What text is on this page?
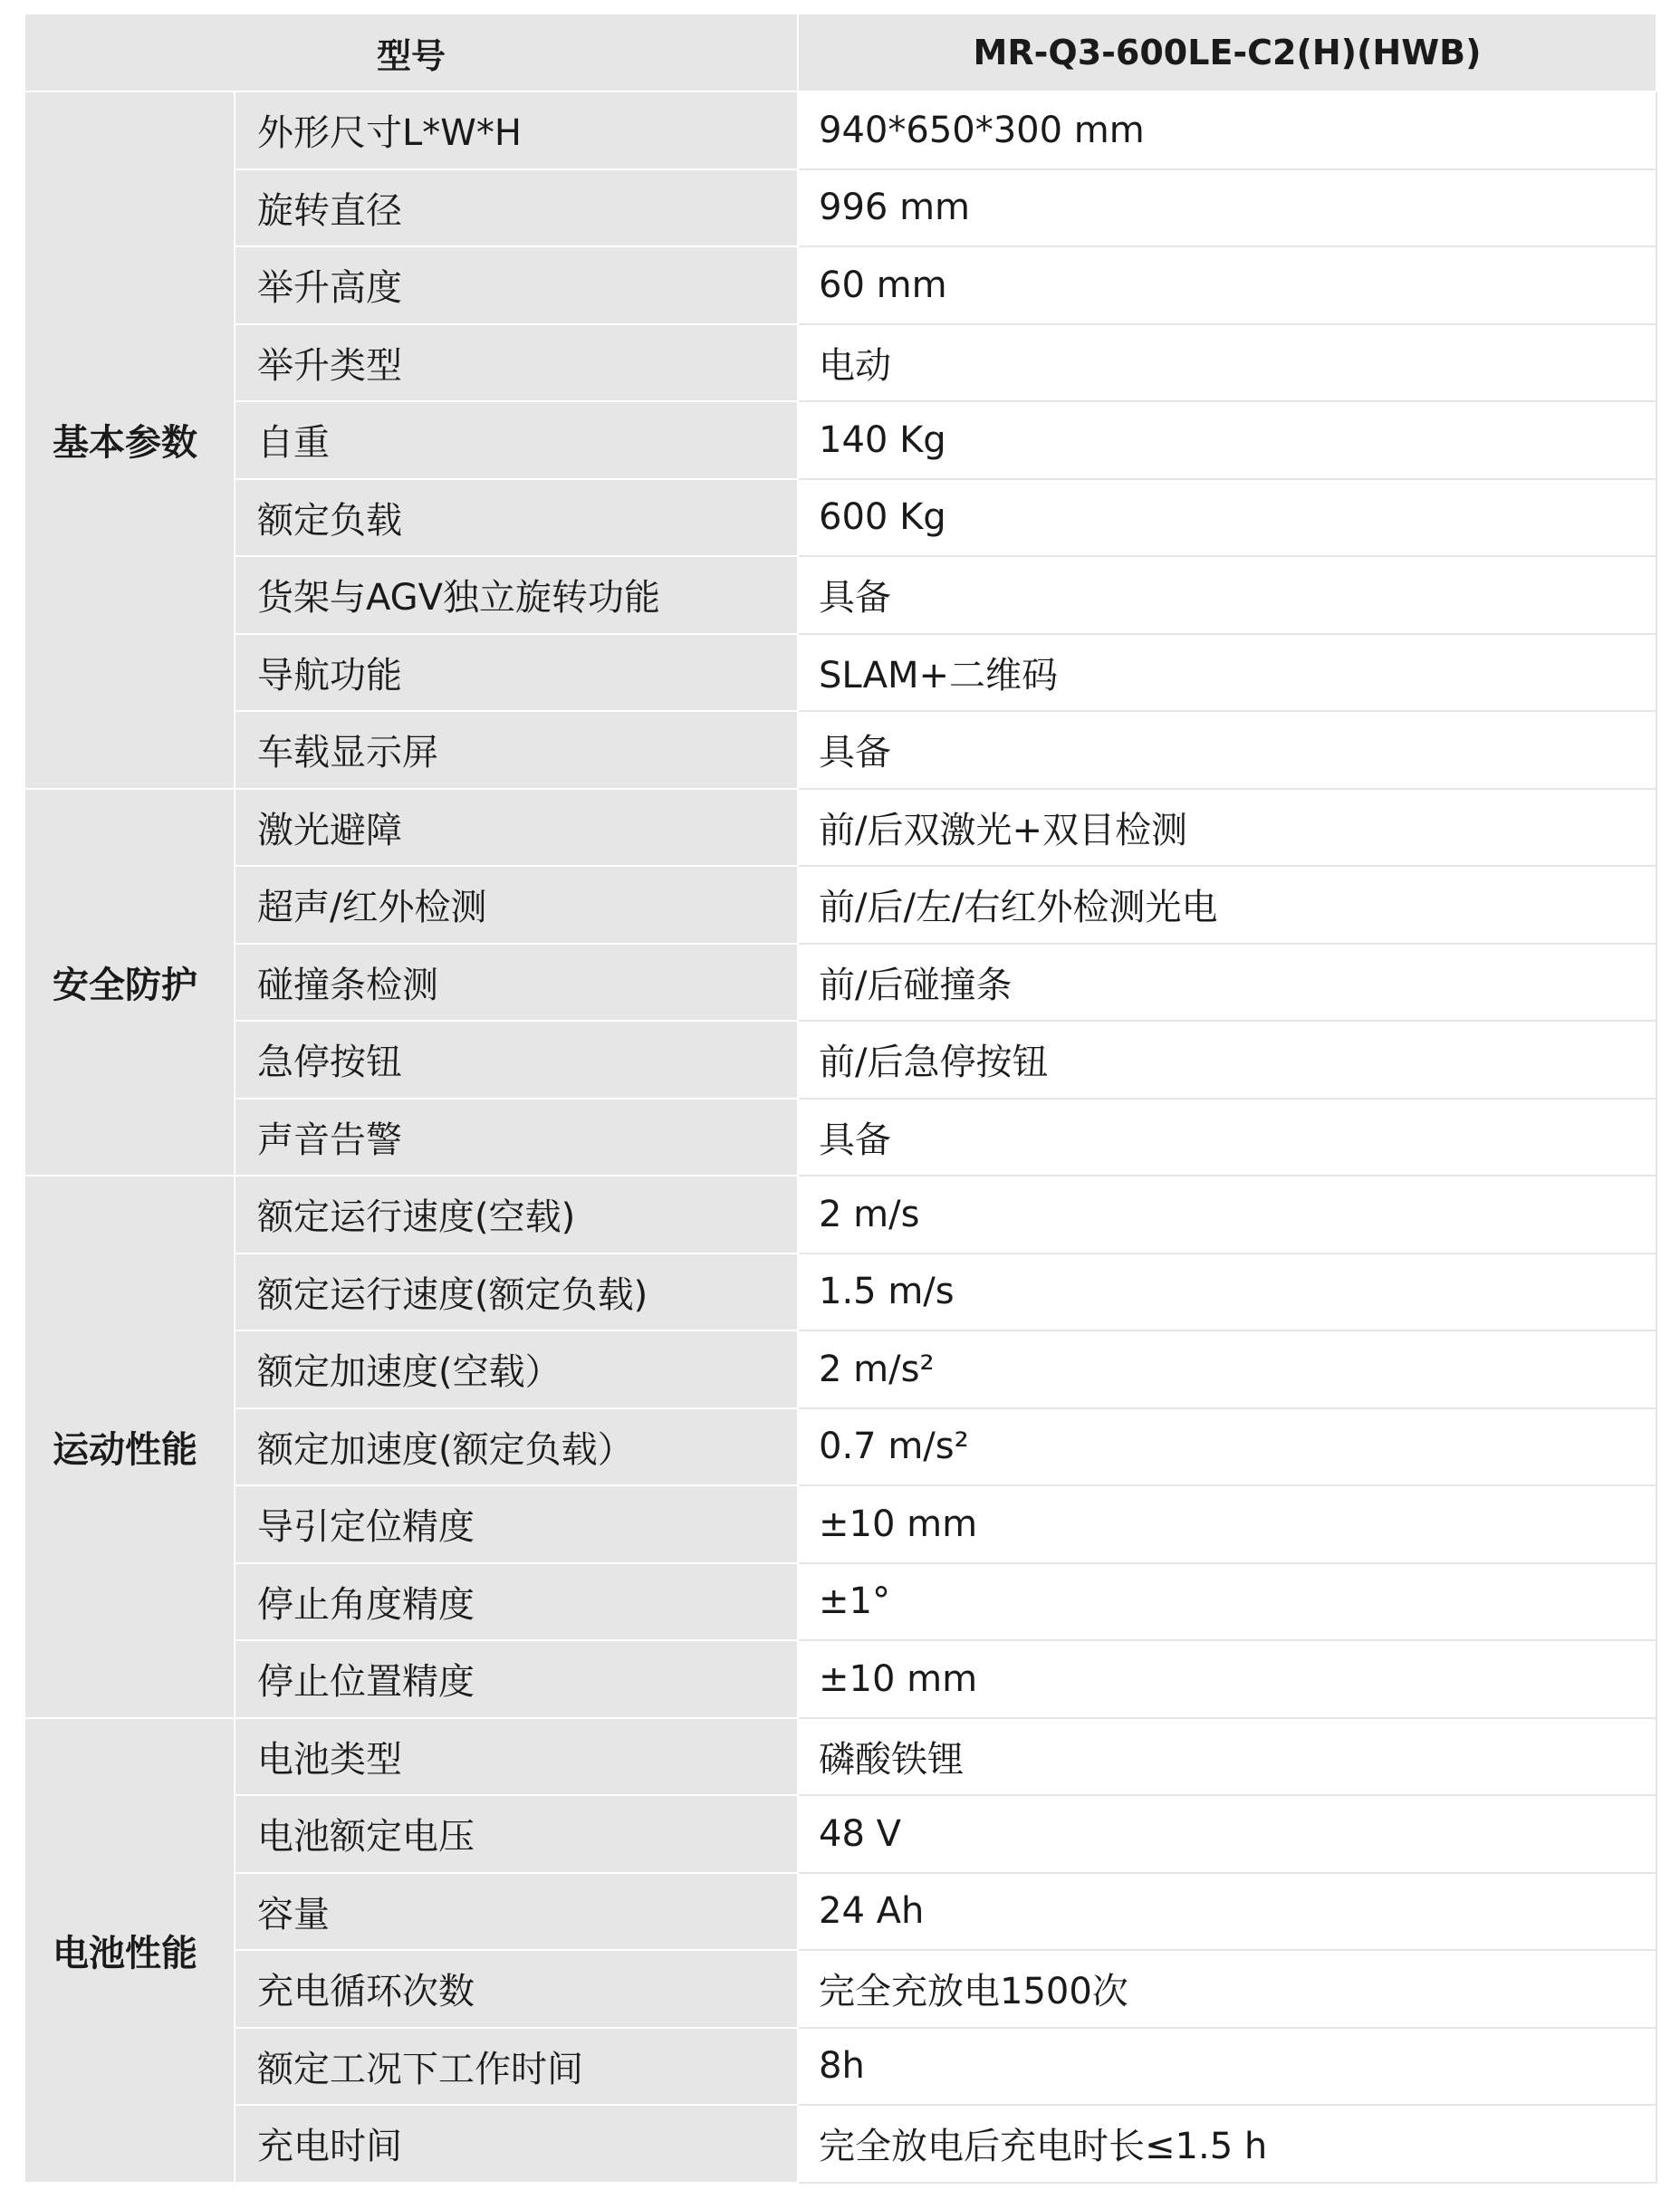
型号		MR-Q3-600LE-C2(H)(HWB)
基本参数	外形尺寸L*W*H	940*650*300 mm
	旋转直径	996 mm
	举升高度	60 mm
	举升类型	电动
	自重	140 Kg
	额定负载	600 Kg
	货架与AGV独立旋转功能	具备
	导航功能	SLAM+二维码
	车载显示屏	具备
安全防护	激光避障	前/后双激光+双目检测
	超声/红外检测	前/后/左/右红外检测光电
	碰撞条检测	前/后碰撞条
	急停按钮	前/后急停按钮
	声音告警	具备
运动性能	额定运行速度(空载)	2 m/s
	额定运行速度(额定负载)	1.5 m/s
	额定加速度(空载）	2 m/s²
	额定加速度(额定负载）	0.7 m/s²
	导引定位精度	±10 mm
	停止角度精度	±1°
	停止位置精度	±10 mm
电池性能	电池类型	磷酸铁锂
	电池额定电压	48 V
	容量	24 Ah
	充电循环次数	完全充放电1500次
	额定工况下工作时间	8h
	充电时间	完全放电后充电时长≤1.5 h
